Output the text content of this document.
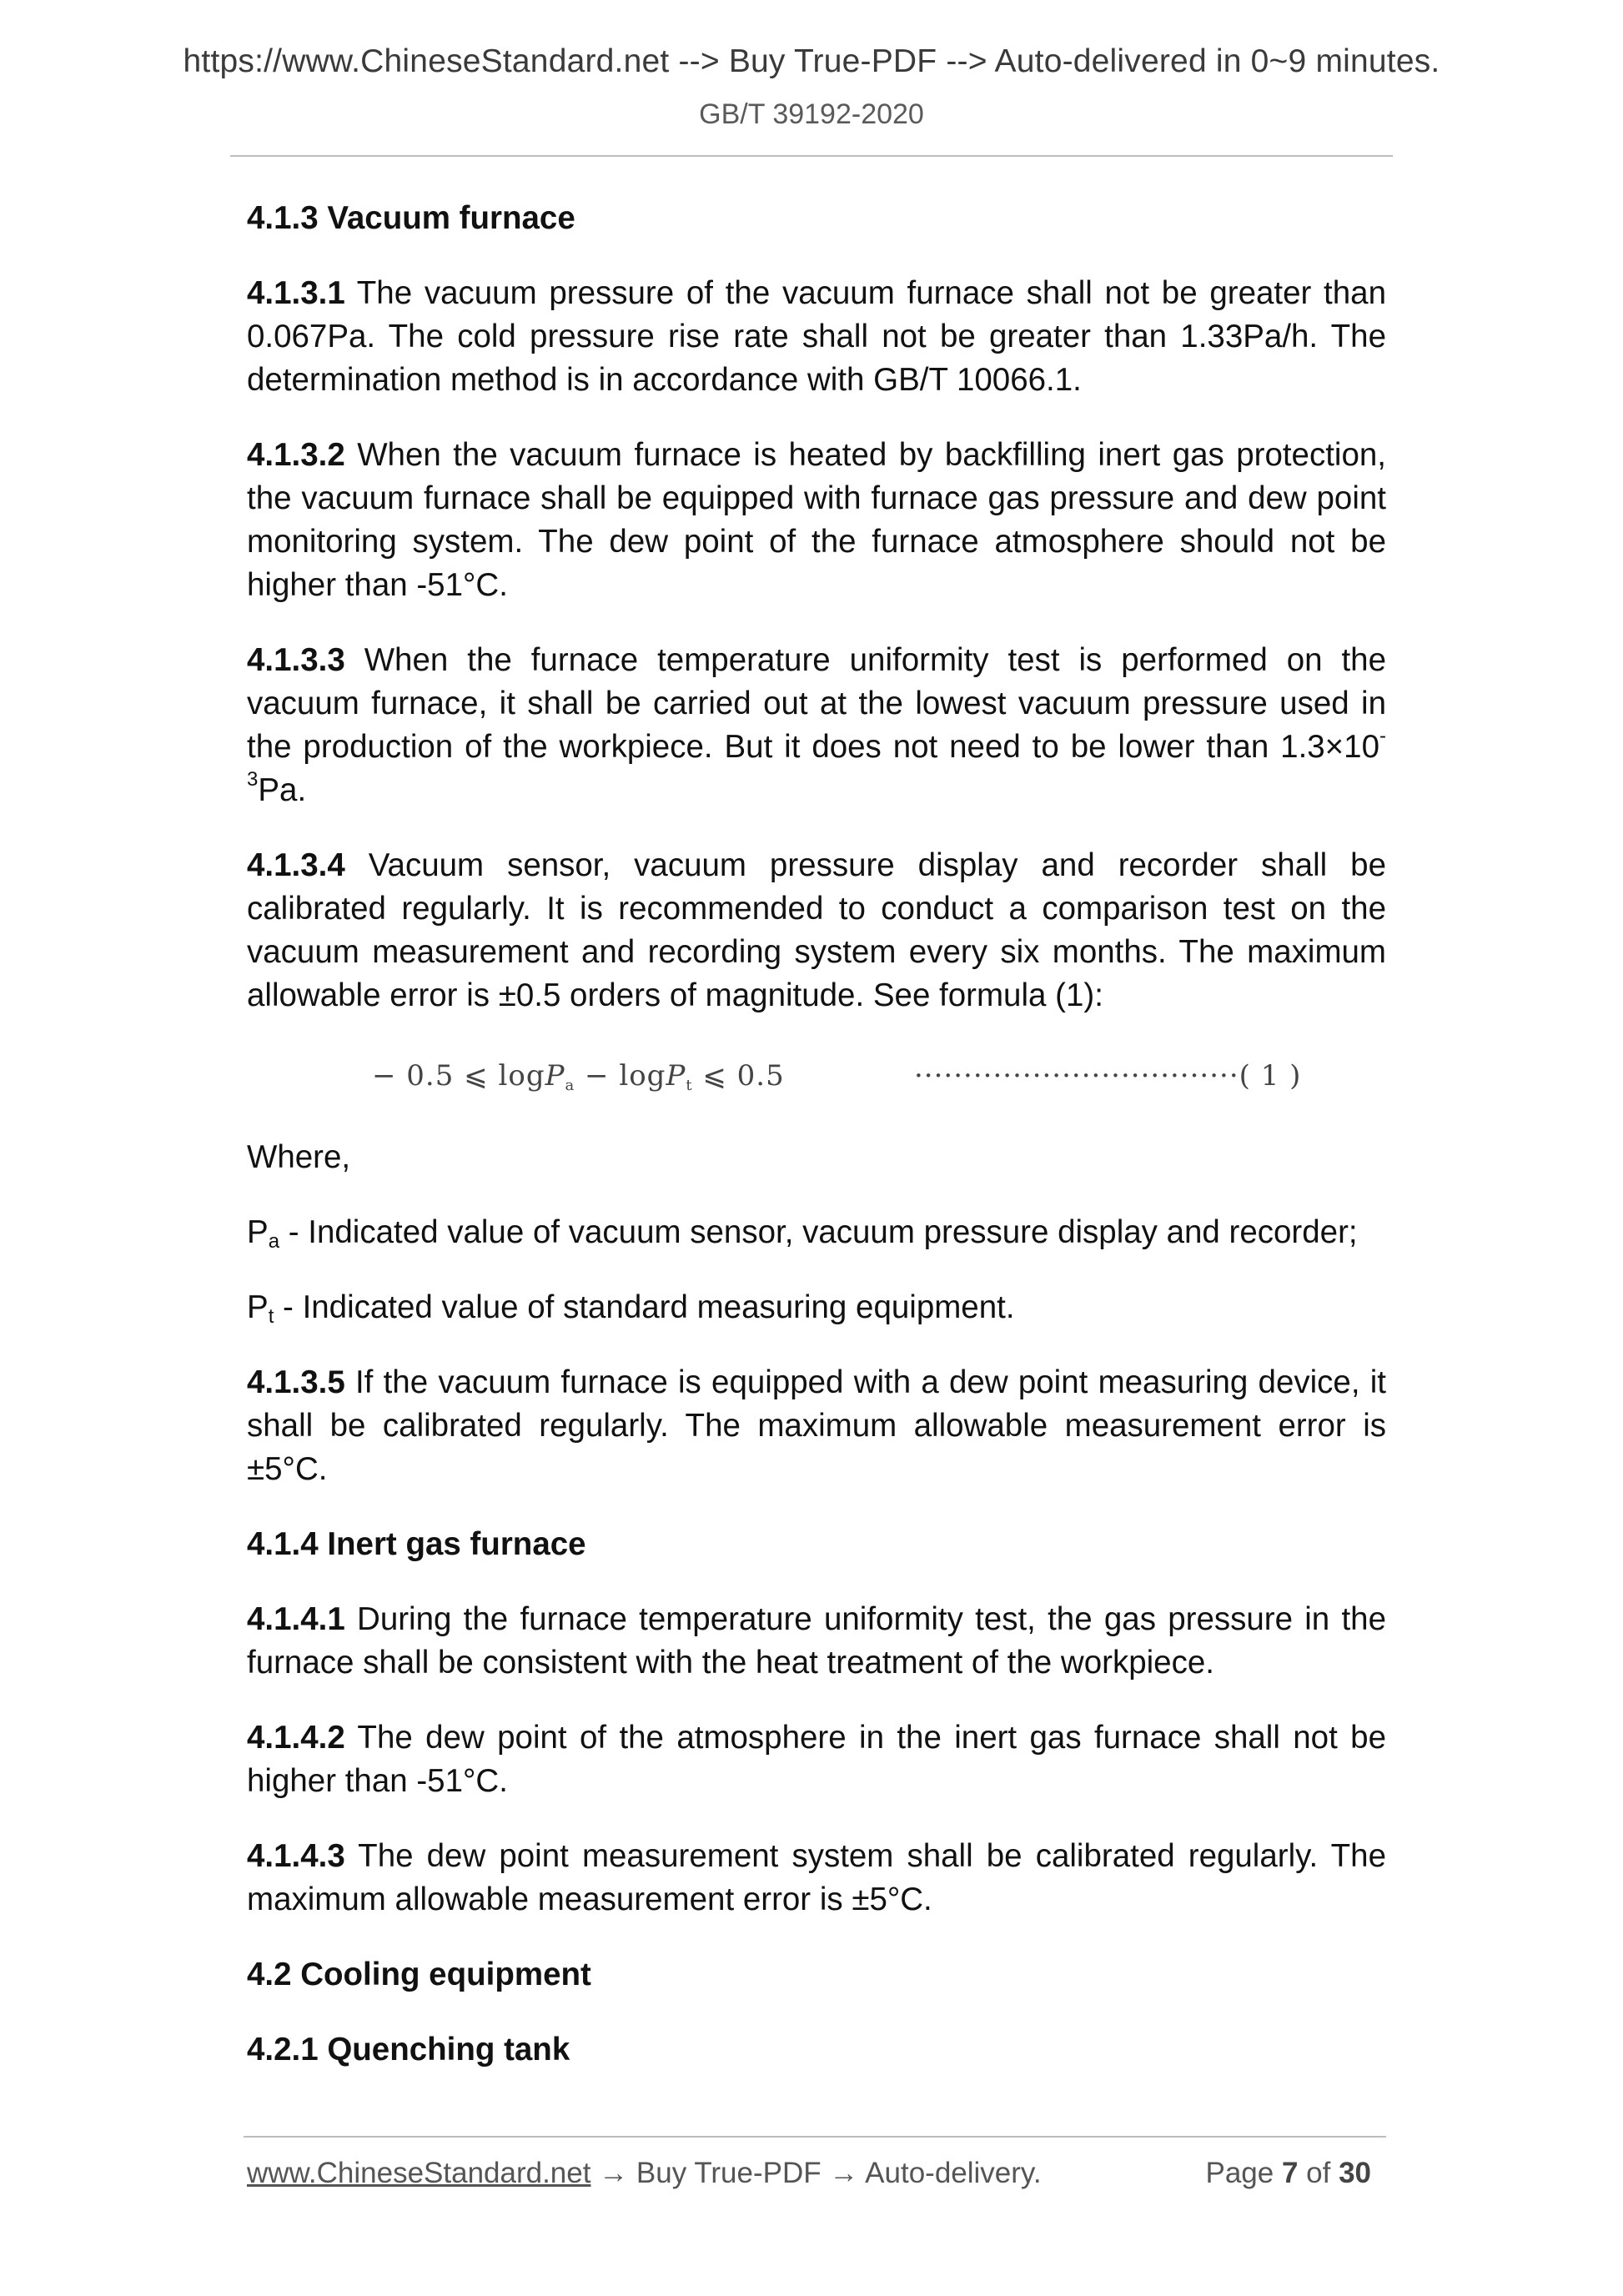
https://www.ChineseStandard.net --> Buy True-PDF --> Auto-delivered in 0~9 minutes.
GB/T 39192-2020
4.1.3 Vacuum furnace

4.1.3.1 The vacuum pressure of the vacuum furnace shall not be greater than 0.067Pa. The cold pressure rise rate shall not be greater than 1.33Pa/h. The determination method is in accordance with GB/T 10066.1.

4.1.3.2 When the vacuum furnace is heated by backfilling inert gas protection, the vacuum furnace shall be equipped with furnace gas pressure and dew point monitoring system. The dew point of the furnace atmosphere should not be higher than -51°C.

4.1.3.3 When the furnace temperature uniformity test is performed on the vacuum furnace, it shall be carried out at the lowest vacuum pressure used in the production of the workpiece. But it does not need to be lower than $1.3\times 10^{-3}Pa$.

4.1.3.4 Vacuum sensor, vacuum pressure display and recorder shall be calibrated regularly. It is recommended to conduct a comparison test on the vacuum measurement and recording system every six months. The maximum allowable error is ±0.5 orders of magnitude. See formula (1):

− 0.5 ⩽ logPa − logPt ⩽ 0.5	·································( 1 )

Where,

$P_a$ - Indicated value of vacuum sensor, vacuum pressure display and recorder;

$P_t$ - Indicated value of standard measuring equipment.

4.1.3.5 If the vacuum furnace is equipped with a dew point measuring device, it shall be calibrated regularly. The maximum allowable measurement error is ±5°C.

4.1.4 Inert gas furnace

4.1.4.1 During the furnace temperature uniformity test, the gas pressure in the furnace shall be consistent with the heat treatment of the workpiece.

4.1.4.2 The dew point of the atmosphere in the inert gas furnace shall not be higher than -51°C.

4.1.4.3 The dew point measurement system shall be calibrated regularly. The maximum allowable measurement error is ±5°C.

4.2 Cooling equipment
4.2.1 Quenching tank
www.ChineseStandard.net → Buy True-PDF → Auto-delivery.	Page 7 of 30
